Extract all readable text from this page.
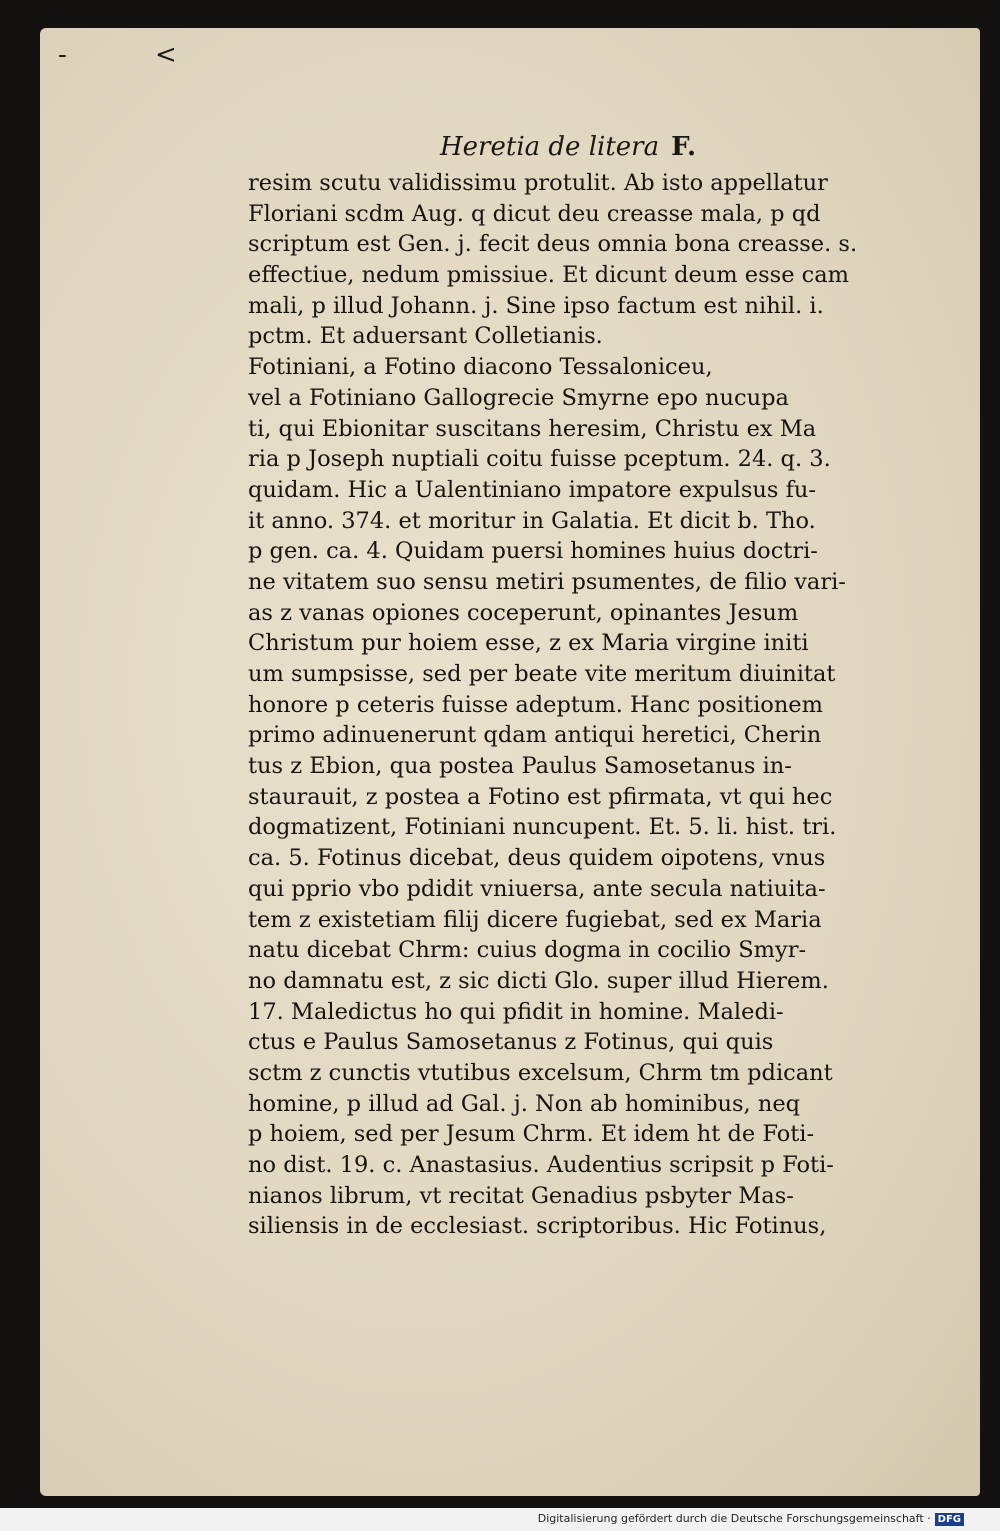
- <
Heretia de litera F.
resim scutu validissimu protulit. Ab isto appellatur
Floriani scdm Aug. q dicut deu creasse mala, p qd
scriptum est Gen. j. fecit deus omnia bona creasse. s.
effectiue, nedum pmissiue. Et dicunt deum esse cam
mali, p illud Johann. j. Sine ipso factum est nihil. i.
pctm. Et aduersant Colletianis.
Fotiniani, a Fotino diacono Tessaloniceu,
vel a Fotiniano Gallogrecie Smyrne epo nucupa
ti, qui Ebionitar suscitans heresim, Christu ex Ma
ria p Joseph nuptiali coitu fuisse pceptum. 24. q. 3.
quidam. Hic a Ualentiniano impatore expulsus fu-
it anno. 374. et moritur in Galatia. Et dicit b. Tho.
p gen. ca. 4. Quidam puersi homines huius doctri-
ne vitatem suo sensu metiri psumentes, de filio vari-
as z vanas opiones coceperunt, opinantes Jesum
Christum pur hoiem esse, z ex Maria virgine initi
um sumpsisse, sed per beate vite meritum diuinitat
honore p ceteris fuisse adeptum. Hanc positionem
primo adinuenerunt qdam antiqui heretici, Cherin
tus z Ebion, qua postea Paulus Samosetanus in-
staurauit, z postea a Fotino est pfirmata, vt qui hec
dogmatizent, Fotiniani nuncupent. Et. 5. li. hist. tri.
ca. 5. Fotinus dicebat, deus quidem oipotens, vnus
qui pprio vbo pdidit vniuersa, ante secula natiuita-
tem z existetiam filij dicere fugiebat, sed ex Maria
natu dicebat Chrm: cuius dogma in cocilio Smyr-
no damnatu est, z sic dicti Glo. super illud Hierem.
17. Maledictus ho qui pfidit in homine. Maledi-
ctus e Paulus Samosetanus z Fotinus, qui quis
sctm z cunctis vtutibus excelsum, Chrm tm pdicant
homine, p illud ad Gal. j. Non ab hominibus, neq
p hoiem, sed per Jesum Chrm. Et idem ht de Foti-
no dist. 19. c. Anastasius. Audentius scripsit p Foti-
nianos librum, vt recitat Genadius psbyter Mas-
siliensis in de ecclesiast. scriptoribus. Hic Fotinus,
Digitalisierung gefördert durch die Deutsche Forschungsgemeinschaft · DFG
